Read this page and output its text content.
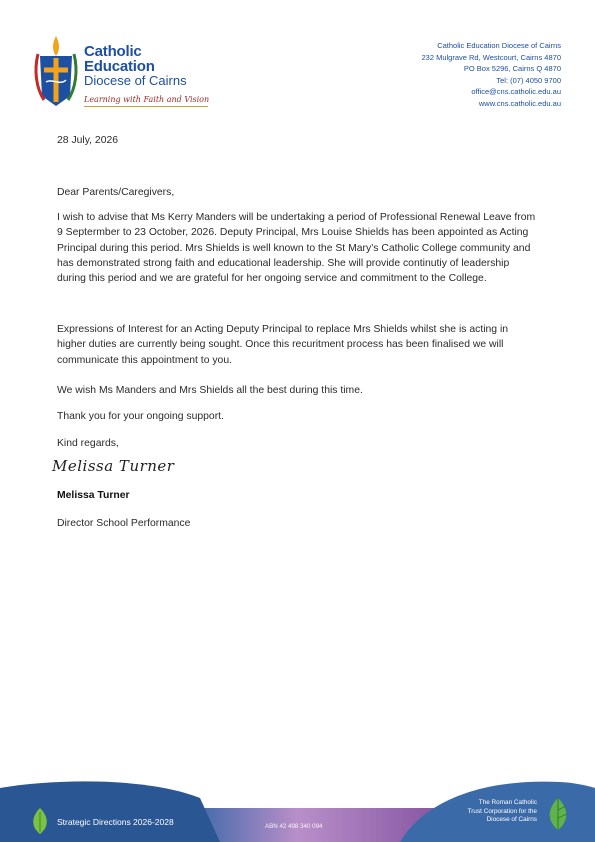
Catholic
Education
Diocese of Cairns
Learning with Faith and Vision
Catholic Education Diocese of Cairns
232 Mulgrave Rd, Westcourt, Cairns 4870
PO Box 5296, Cairns Q 4870
Tel: (07) 4050 9700
office@cns.catholic.edu.au
www.cns.catholic.edu.au
28 July, 2026
Dear Parents/Caregivers,
I wish to advise that Ms Kerry Manders will be undertaking a period of Professional Renewal Leave from 9 Septermber to 23 October, 2026. Deputy Principal, Mrs Louise Shields has been appointed as Acting Principal during this period. Mrs Shields is well known to the St Mary’s Catholic College community and has demonstrated strong faith and educational leadership. She will provide continutiy of leadership during this period and we are grateful for her ongoing service and commitment to the College.
Expressions of Interest for an Acting Deputy Principal to replace Mrs Shields whilst she is acting in higher duties are currently being sought. Once this recuritment process has been finalised we will communicate this appointment to you.
We wish Ms Manders and Mrs Shields all the best during this time.
Thank you for your ongoing support.
Kind regards,
Melissa Turner
Melissa Turner
Director School Performance
Strategic Directions 2026-2028	ABN 42 498 340 094
The Roman Catholic
Trust Corporation for the
Diocese of Cairns
